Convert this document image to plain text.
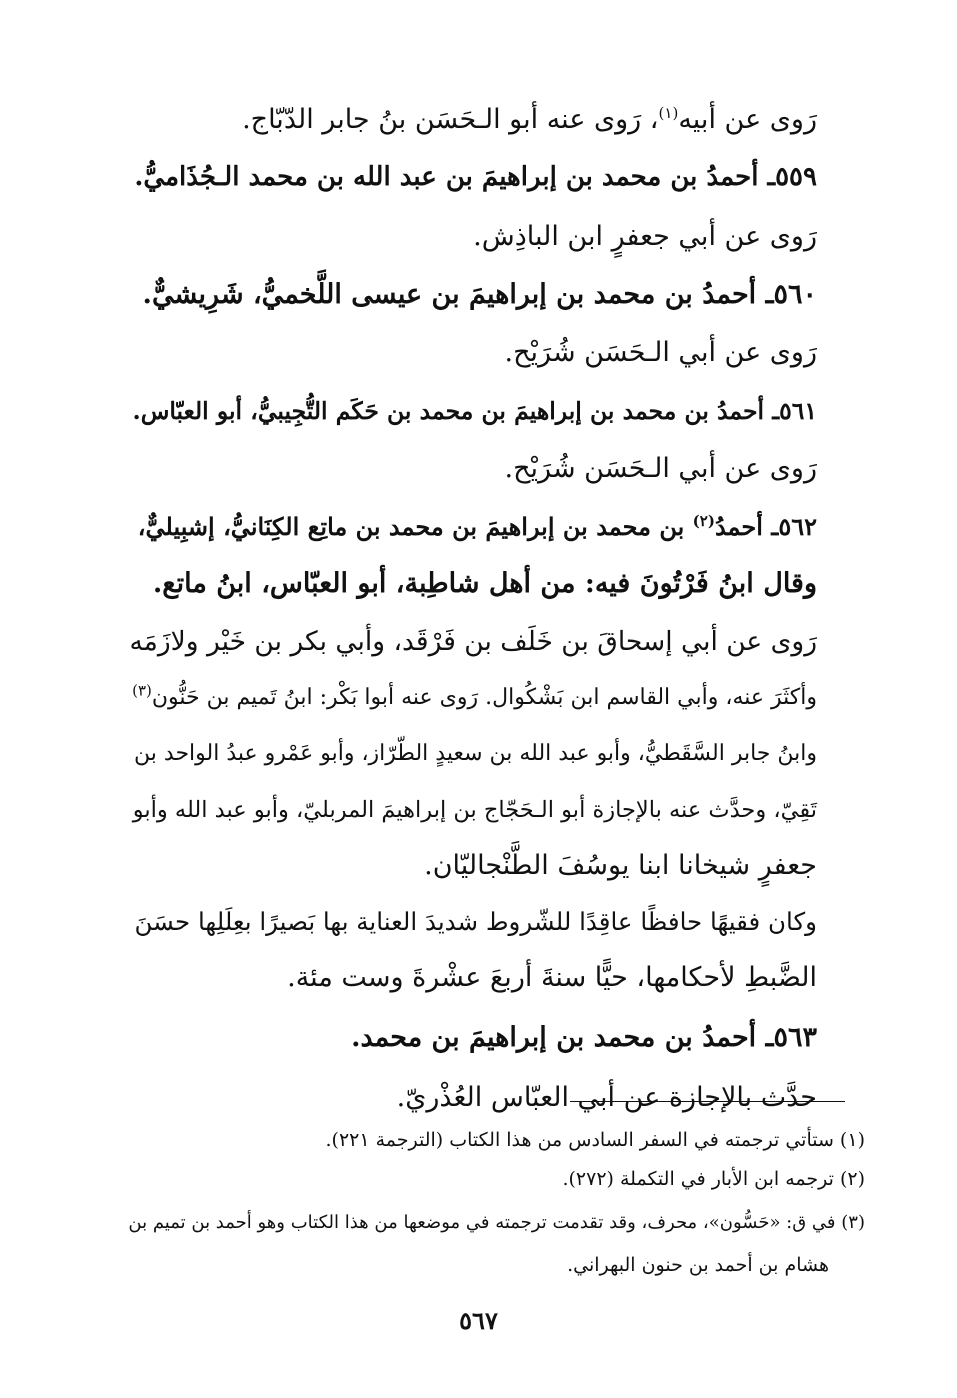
رَوى عن أبيه$^{(١)}$، رَوى عنه أبو الـحَسَن بنُ جابر الدّبّاج.
٥٥٩ـ أحمدُ بن محمد بن إبراهيمَ بن عبد الله بن محمد الـجُذَاميُّ.
رَوى عن أبي جعفرٍ ابن الباذِش.
٥٦٠ـ أحمدُ بن محمد بن إبراهيمَ بن عيسى اللَّخميُّ، شَرِيشيٌّ.
رَوى عن أبي الـحَسَن شُرَيْح.
٥٦١ـ أحمدُ بن محمد بن إبراهيمَ بن محمد بن حَكَم التُّجِيبيُّ، أبو العبّاس.
رَوى عن أبي الـحَسَن شُرَيْح.
٥٦٢ـ أحمدُ$^{(٢)}$ بن محمد بن إبراهيمَ بن محمد بن ماتِع الكِنَانيُّ، إشبِيليٌّ،
وقال ابنُ فَرْتُونَ فيه: من أهل شاطِبة، أبو العبّاس، ابنُ ماتع.
رَوى عن أبي إسحاقَ بن خَلَف بن فَرْقَد، وأبي بكر بن خَيْر ولازَمَه
وأكثَرَ عنه، وأبي القاسم ابن بَشْكُوال. رَوى عنه أبوا بَكْر: ابنُ تَميم بن حَنُّون$^{(٣)}$
وابنُ جابر السَّقَطيُّ، وأبو عبد الله بن سعيدٍ الطّرّاز، وأبو عَمْرو عبدُ الواحد بن
تَقِيّ، وحدَّث عنه بالإجازة أبو الـحَجّاج بن إبراهيمَ المربليّ، وأبو عبد الله وأبو
جعفرٍ شيخانا ابنا يوسُفَ الطَّنْجاليّان.
وكان فقيهًا حافظًا عاقِدًا للشّروط شديدَ العناية بها بَصيرًا بعِلَلِها حسَنَ
الضَّبطِ لأحكامها، حيًّا سنةَ أربعَ عشْرةَ وست مئة.
٥٦٣ـ أحمدُ بن محمد بن إبراهيمَ بن محمد.
حدَّث بالإجازة عن أبي العبّاس العُذْريّ.
(١) ستأتي ترجمته في السفر السادس من هذا الكتاب (الترجمة ٢٢١).
(٢) ترجمه ابن الأبار في التكملة (٢٧٢).
(٣) في ق: «حَسُّون»، محرف، وقد تقدمت ترجمته في موضعها من هذا الكتاب وهو أحمد بن تميم بن
هشام بن أحمد بن حنون البهراني.
٥٦٧
